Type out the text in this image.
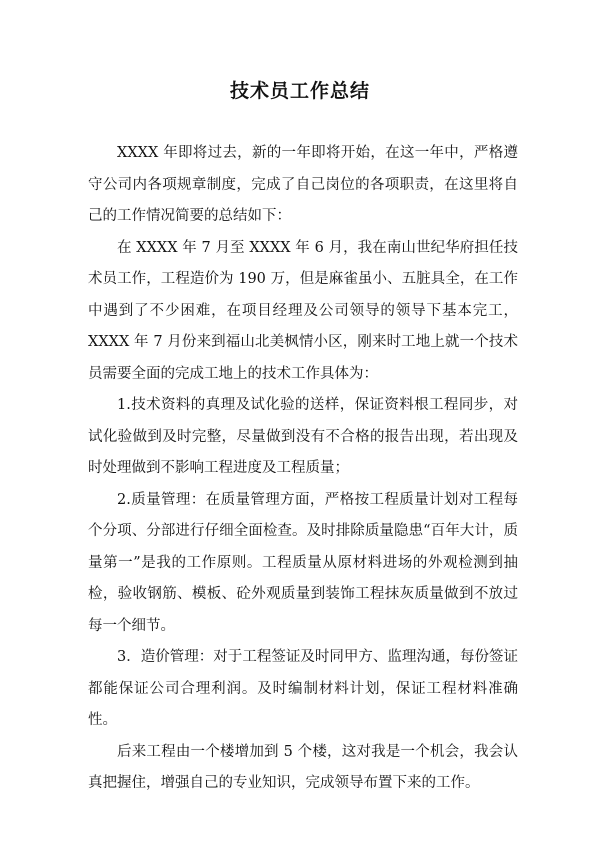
技术员工作总结

XXXX 年即将过去，新的一年即将开始，在这一年中，严格遵守公司内各项规章制度，完成了自己岗位的各项职责，在这里将自己的工作情况简要的总结如下：

在 XXXX 年 7 月至 XXXX 年 6 月，我在南山世纪华府担任技术员工作，工程造价为 190 万，但是麻雀虽小、五脏具全，在工作中遇到了不少困难，在项目经理及公司领导的领导下基本完工，XXXX 年 7 月份来到福山北美枫情小区，刚来时工地上就一个技术员需要全面的完成工地上的技术工作具体为：

1.技术资料的真理及试化验的送样，保证资料根工程同步，对试化验做到及时完整，尽量做到没有不合格的报告出现，若出现及时处理做到不影响工程进度及工程质量；

2.质量管理：在质量管理方面，严格按工程质量计划对工程每个分项、分部进行仔细全面检查。及时排除质量隐患“百年大计，质量第一”是我的工作原则。工程质量从原材料进场的外观检测到抽检，验收钢筋、模板、砼外观质量到装饰工程抹灰质量做到不放过每一个细节。

3．造价管理：对于工程签证及时同甲方、监理沟通，每份签证都能保证公司合理利润。及时编制材料计划，保证工程材料准确性。

后来工程由一个楼增加到 5 个楼，这对我是一个机会，我会认真把握住，增强自己的专业知识，完成领导布置下来的工作。
